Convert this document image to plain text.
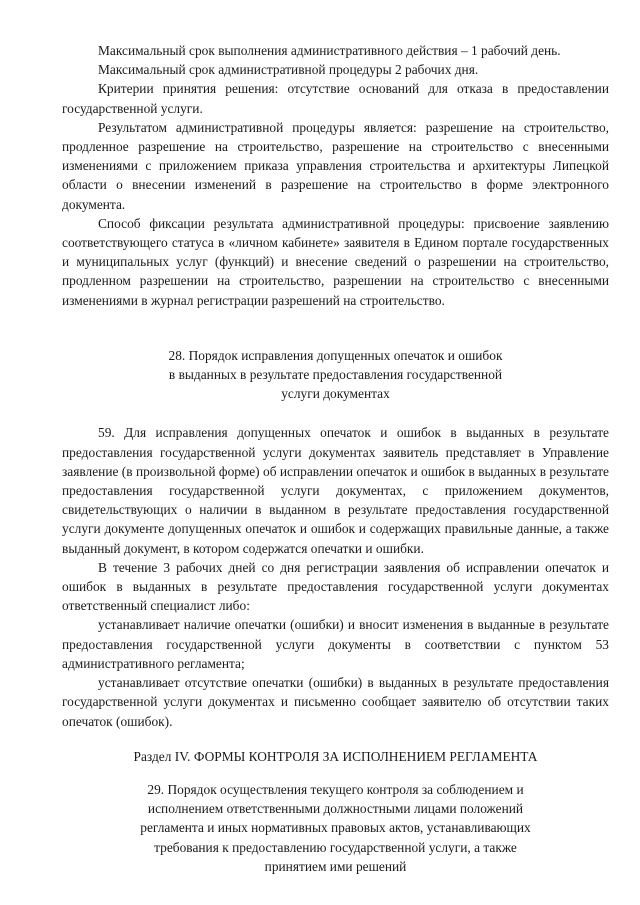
Максимальный срок выполнения административного действия – 1 рабочий день.

Максимальный срок административной процедуры 2 рабочих дня.

Критерии принятия решения: отсутствие оснований для отказа в предоставлении государственной услуги.

Результатом административной процедуры является: разрешение на строительство, продленное разрешение на строительство, разрешение на строительство с внесенными изменениями с приложением приказа управления строительства и архитектуры Липецкой области о внесении изменений в разрешение на строительство в форме электронного документа.

Способ фиксации результата административной процедуры: присвоение заявлению соответствующего статуса в «личном кабинете» заявителя в Едином портале государственных и муниципальных услуг (функций) и внесение сведений о разрешении на строительство, продленном разрешении на строительство, разрешении на строительство с внесенными изменениями в журнал регистрации разрешений на строительство.

28. Порядок исправления допущенных опечаток и ошибок

в выданных в результате предоставления государственной

услуги документах

59. Для исправления допущенных опечаток и ошибок в выданных в результате предоставления государственной услуги документах заявитель представляет в Управление заявление (в произвольной форме) об исправлении опечаток и ошибок в выданных в результате предоставления государственной услуги документах, с приложением документов, свидетельствующих о наличии в выданном в результате предоставления государственной услуги документе допущенных опечаток и ошибок и содержащих правильные данные, а также выданный документ, в котором содержатся опечатки и ошибки.

В течение 3 рабочих дней со дня регистрации заявления об исправлении опечаток и ошибок в выданных в результате предоставления государственной услуги документах ответственный специалист либо:

устанавливает наличие опечатки (ошибки) и вносит изменения в выданные в результате предоставления государственной услуги документы в соответствии с пунктом 53 административного регламента;

устанавливает отсутствие опечатки (ошибки) в выданных в результате предоставления государственной услуги документах и письменно сообщает заявителю об отсутствии таких опечаток (ошибок).

Раздел IV. ФОРМЫ КОНТРОЛЯ ЗА ИСПОЛНЕНИЕМ РЕГЛАМЕНТА

29. Порядок осуществления текущего контроля за соблюдением и

исполнением ответственными должностными лицами положений

регламента и иных нормативных правовых актов, устанавливающих

требования к предоставлению государственной услуги, а также

принятием ими решений
